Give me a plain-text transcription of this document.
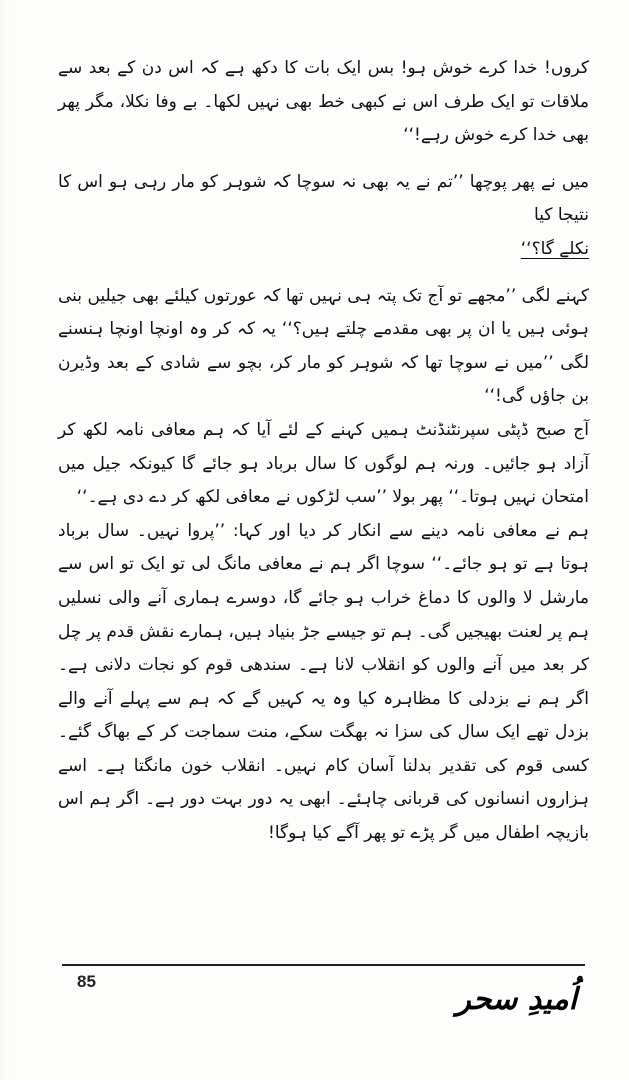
کروں! خدا کرے خوش ہو! بس ایک بات کا دکھ ہے کہ اس دن کے بعد سے ملاقات تو ایک طرف اس نے کبھی خط بھی نہیں لکھا۔ بے وفا نکلا، مگر پھر بھی خدا کرے خوش رہے!‘‘

میں نے پھر پوچھا ’’تم نے یہ بھی نہ سوچا کہ شوہر کو مار رہی ہو اس کا نتیجا کیا

نکلے گا؟‘‘

کہنے لگی ’’مجھے تو آج تک پتہ ہی نہیں تھا کہ عورتوں کیلئے بھی جیلیں بنی ہوئی ہیں یا ان پر بھی مقدمے چلتے ہیں؟‘‘ یہ کہ کر وہ اونچا اونچا ہنسنے لگی ’’میں نے سوچا تھا کہ شوہر کو مار کر، بچو سے شادی کے بعد وڈیرن بن جاؤں گی!‘‘

آج صبح ڈپٹی سپرنٹنڈنٹ ہمیں کہنے کے لئے آیا کہ ہم معافی نامہ لکھ کر آزاد ہو جائیں۔ ورنہ ہم لوگوں کا سال برباد ہو جائے گا کیونکہ جیل میں امتحان نہیں ہوتا۔‘‘ پھر بولا ’’سب لڑکوں نے معافی لکھ کر دے دی ہے۔‘‘

ہم نے معافی نامہ دینے سے انکار کر دیا اور کہا: ’’پروا نہیں۔ سال برباد ہوتا ہے تو ہو جائے۔‘‘ سوچا اگر ہم نے معافی مانگ لی تو ایک تو اس سے مارشل لا والوں کا دماغ خراب ہو جائے گا، دوسرے ہماری آنے والی نسلیں ہم پر لعنت بھیجیں گی۔ ہم تو جیسے جڑ بنیاد ہیں، ہمارے نقش قدم پر چل کر بعد میں آنے والوں کو انقلاب لانا ہے۔ سندھی قوم کو نجات دلانی ہے۔ اگر ہم نے بزدلی کا مظاہرہ کیا وہ یہ کہیں گے کہ ہم سے پہلے آنے والے بزدل تھے ایک سال کی سزا نہ بھگت سکے، منت سماجت کر کے بھاگ گئے۔ کسی قوم کی تقدیر بدلنا آسان کام نہیں۔ انقلاب خون مانگتا ہے۔ اسے ہزاروں انسانوں کی قربانی چاہئے۔ ابھی یہ دور بہت دور ہے۔ اگر ہم اس بازیچہ اطفال میں گر پڑے تو پھر آگے کیا ہوگا!

85
اُمیدِ سحر
